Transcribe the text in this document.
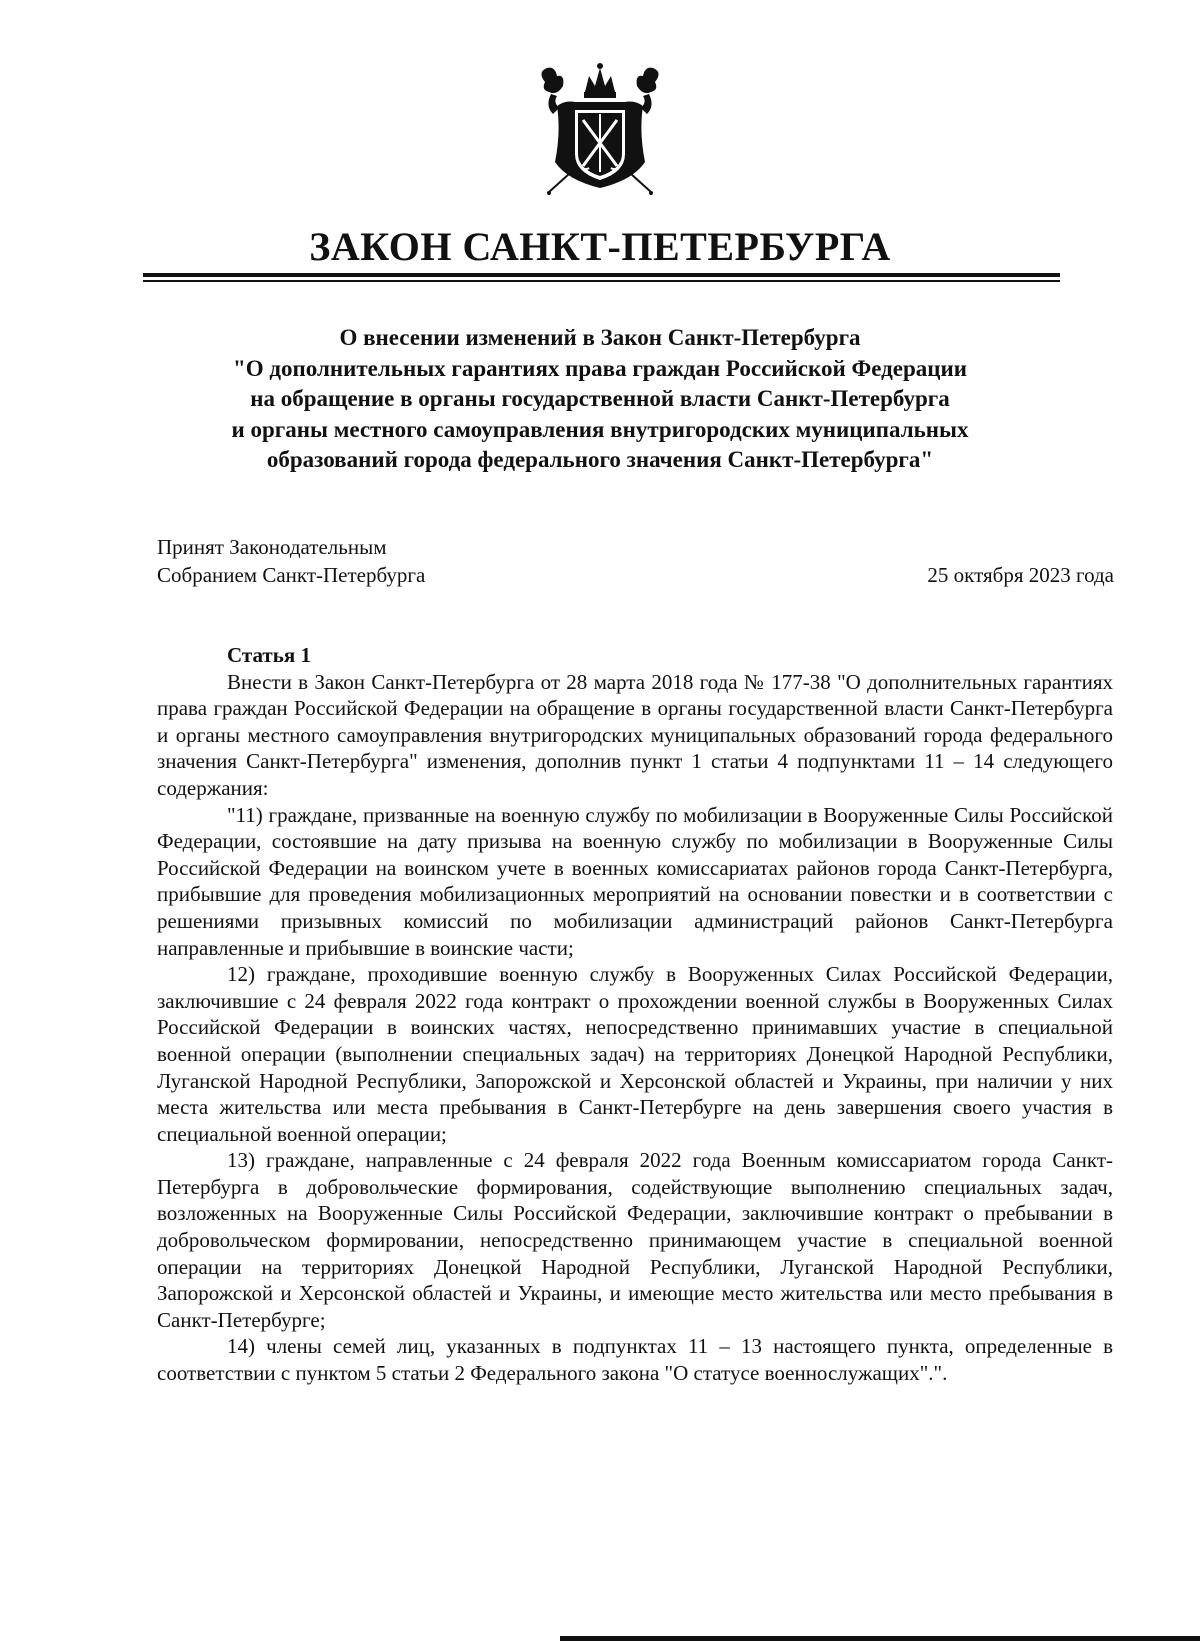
ЗАКОН САНКТ-ПЕТЕРБУРГА
О внесении изменений в Закон Санкт-Петербурга
"О дополнительных гарантиях права граждан Российской Федерации
на обращение в органы государственной власти Санкт-Петербурга
и органы местного самоуправления внутригородских муниципальных
образований города федерального значения Санкт-Петербурга"
Принят Законодательным
Собранием Санкт-Петербурга	25 октября 2023 года

Статья 1

Внести в Закон Санкт-Петербурга от 28 марта 2018 года № 177-38 "О дополнительных гарантиях права граждан Российской Федерации на обращение в органы государственной власти Санкт-Петербурга и органы местного самоуправления внутригородских муниципальных образований города федерального значения Санкт-Петербурга" изменения, дополнив пункт 1 статьи 4 подпунктами 11 – 14 следующего содержания:

"11) граждане, призванные на военную службу по мобилизации в Вооруженные Силы Российской Федерации, состоявшие на дату призыва на военную службу по мобилизации в Вооруженные Силы Российской Федерации на воинском учете в военных комиссариатах районов города Санкт-Петербурга, прибывшие для проведения мобилизационных мероприятий на основании повестки и в соответствии с решениями призывных комиссий по мобилизации администраций районов Санкт-Петербурга направленные и прибывшие в воинские части;

12) граждане, проходившие военную службу в Вооруженных Силах Российской Федерации, заключившие с 24 февраля 2022 года контракт о прохождении военной службы в Вооруженных Силах Российской Федерации в воинских частях, непосредственно принимавших участие в специальной военной операции (выполнении специальных задач) на территориях Донецкой Народной Республики, Луганской Народной Республики, Запорожской и Херсонской областей и Украины, при наличии у них места жительства или места пребывания в Санкт-Петербурге на день завершения своего участия в специальной военной операции;

13) граждане, направленные с 24 февраля 2022 года Военным комиссариатом города Санкт-Петербурга в добровольческие формирования, содействующие выполнению специальных задач, возложенных на Вооруженные Силы Российской Федерации, заключившие контракт о пребывании в добровольческом формировании, непосредственно принимающем участие в специальной военной операции на территориях Донецкой Народной Республики, Луганской Народной Республики, Запорожской и Херсонской областей и Украины, и имеющие место жительства или место пребывания в Санкт-Петербурге;

14) члены семей лиц, указанных в подпунктах 11 – 13 настоящего пункта, определенные в соответствии с пунктом 5 статьи 2 Федерального закона "О статусе военнослужащих".".
